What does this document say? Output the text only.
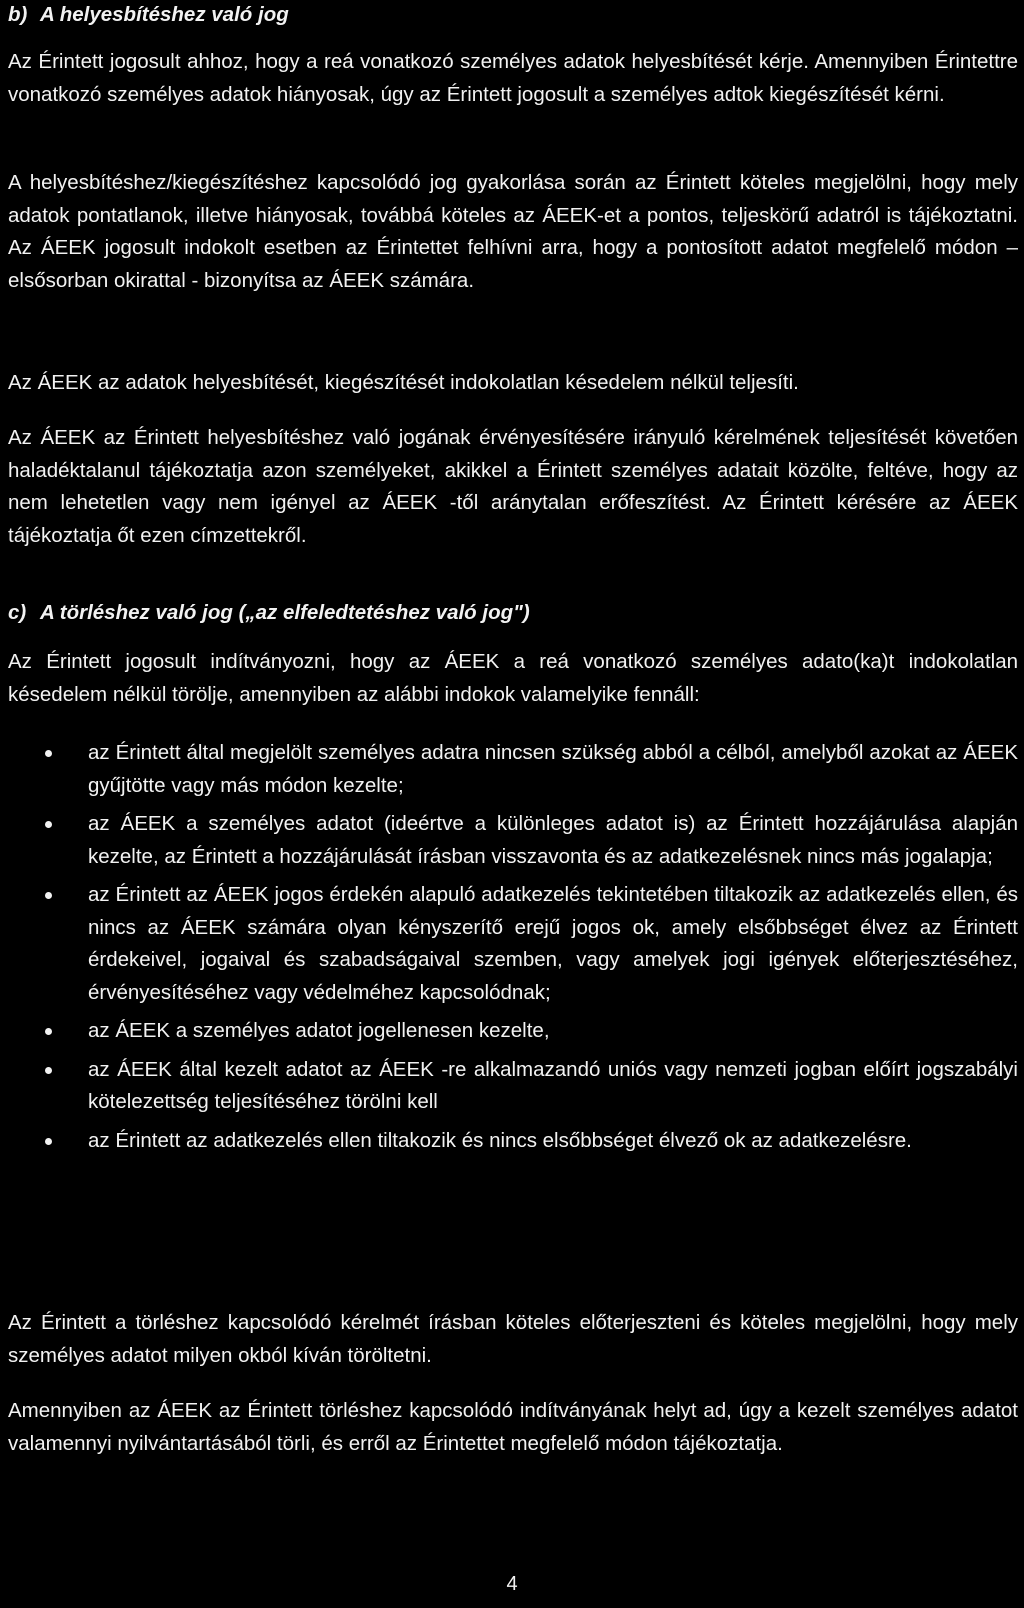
b) A helyesbítéshez való jog

Az Érintett jogosult ahhoz, hogy a reá vonatkozó személyes adatok helyesbítését kérje. Amennyiben Érintettre vonatkozó személyes adatok hiányosak, úgy az Érintett jogosult a személyes adtok kiegészítését kérni.

A helyesbítéshez/kiegészítéshez kapcsolódó jog gyakorlása során az Érintett köteles megjelölni, hogy mely adatok pontatlanok, illetve hiányosak, továbbá köteles az ÁEEK-et a pontos, teljeskörű adatról is tájékoztatni. Az ÁEEK jogosult indokolt esetben az Érintettet felhívni arra, hogy a pontosított adatot megfelelő módon – elsősorban okirattal - bizonyítsa az ÁEEK számára.

Az ÁEEK az adatok helyesbítését, kiegészítését indokolatlan késedelem nélkül teljesíti.

Az ÁEEK az Érintett helyesbítéshez való jogának érvényesítésére irányuló kérelmének teljesítését követően haladéktalanul tájékoztatja azon személyeket, akikkel a Érintett személyes adatait közölte, feltéve, hogy az nem lehetetlen vagy nem igényel az ÁEEK -től aránytalan erőfeszítést. Az Érintett kérésére az ÁEEK tájékoztatja őt ezen címzettekről.

c) A törléshez való jog („az elfeledtetéshez való jog")

Az Érintett jogosult indítványozni, hogy az ÁEEK a reá vonatkozó személyes adato(ka)t indokolatlan késedelem nélkül törölje, amennyiben az alábbi indokok valamelyike fennáll:

az Érintett által megjelölt személyes adatra nincsen szükség abból a célból, amelyből azokat az ÁEEK gyűjtötte vagy más módon kezelte;
az ÁEEK a személyes adatot (ideértve a különleges adatot is) az Érintett hozzájárulása alapján kezelte, az Érintett a hozzájárulását írásban visszavonta és az adatkezelésnek nincs más jogalapja;
az Érintett az ÁEEK jogos érdekén alapuló adatkezelés tekintetében tiltakozik az adatkezelés ellen, és nincs az ÁEEK számára olyan kényszerítő erejű jogos ok, amely elsőbbséget élvez az Érintett érdekeivel, jogaival és szabadságaival szemben, vagy amelyek jogi igények előterjesztéséhez, érvényesítéséhez vagy védelméhez kapcsolódnak;
az ÁEEK a személyes adatot jogellenesen kezelte,
az ÁEEK által kezelt adatot az ÁEEK -re alkalmazandó uniós vagy nemzeti jogban előírt jogszabályi kötelezettség teljesítéséhez törölni kell
az Érintett az adatkezelés ellen tiltakozik és nincs elsőbbséget élvező ok az adatkezelésre.

Az Érintett a törléshez kapcsolódó kérelmét írásban köteles előterjeszteni és köteles megjelölni, hogy mely személyes adatot milyen okból kíván töröltetni.

Amennyiben az ÁEEK az Érintett törléshez kapcsolódó indítványának helyt ad, úgy a kezelt személyes adatot valamennyi nyilvántartásából törli, és erről az Érintettet megfelelő módon tájékoztatja.

4
